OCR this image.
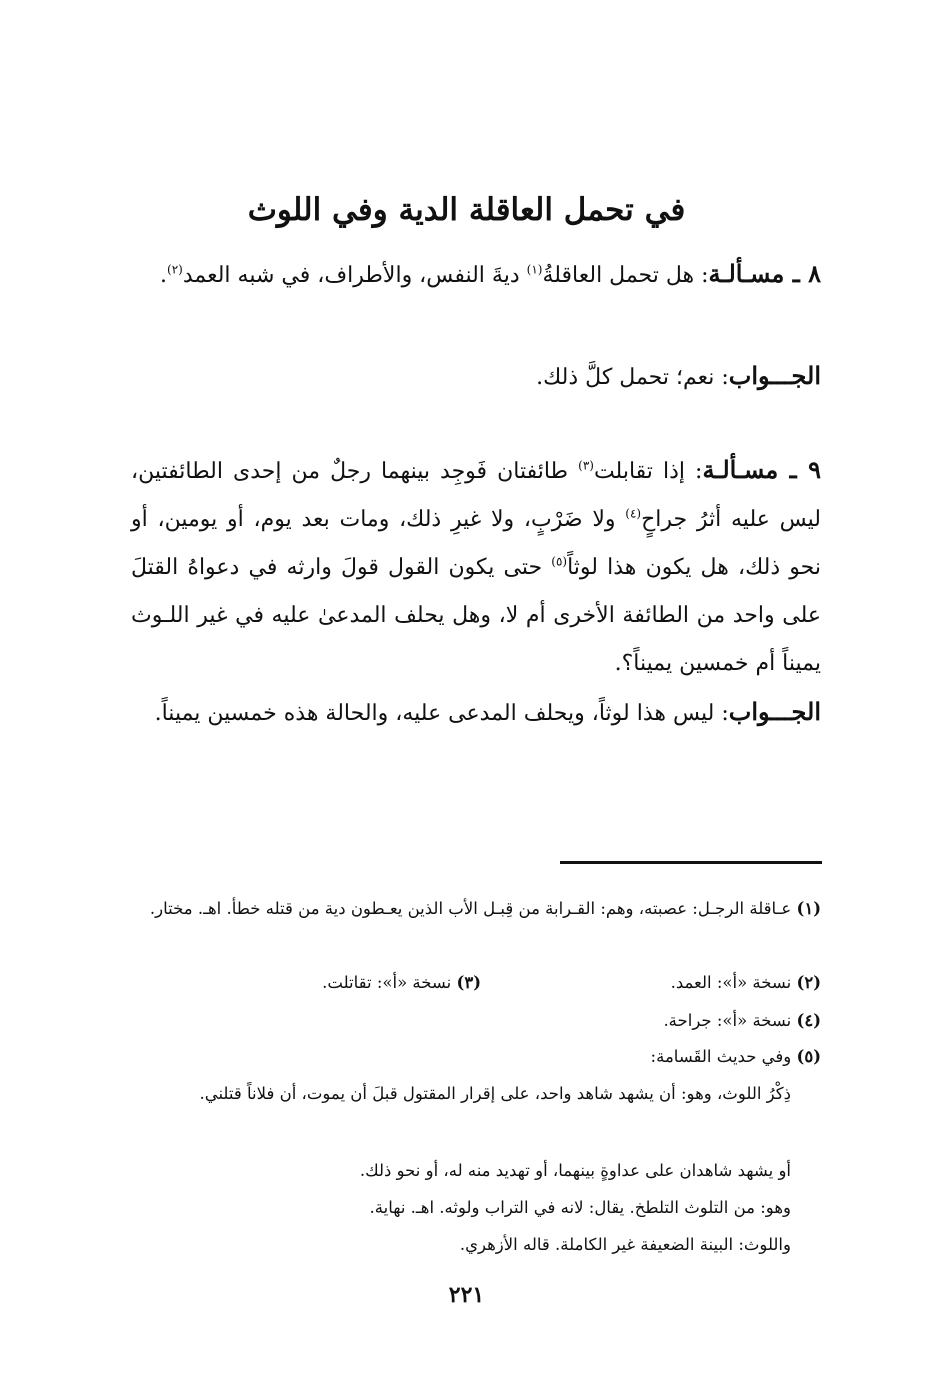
في تحمل العاقلة الدية وفي اللوث
٨ ـ مسـألـة: هل تحمل العاقلةُ$^{(١)}$ ديةَ النفس، والأطراف، في شبه العمد$^{(٢)}$.
الجـــواب: نعم؛ تحمل كلَّ ذلك.
٩ ـ مسـألـة: إذا تقابلت$^{(٣)}$ طائفتان فَوجِد بينهما رجلٌ من إحدى الطائفتين، ليس عليه أثرُ جراحٍ$^{(٤)}$ ولا ضَرْبٍ، ولا غيرِ ذلك، ومات بعد يوم، أو يومين، أو نحو ذلك، هل يكون هذا لوثاً$^{(٥)}$ حتى يكون القول قولَ وارثه في دعواهُ القتلَ على واحد من الطائفة الأخرى أم لا، وهل يحلف المدعىٰ عليه في غير اللـوث يميناً أم خمسين يميناً؟.
الجـــواب: ليس هذا لوثاً، ويحلف المدعى عليه، والحالة هذه خمسين يميناً.
(١) عـاقلة الرجـل: عصبته، وهم: القـرابة من قِبـل الأب الذين يعـطون دية من قتله خطأ. اهـ. مختار.
(٢) نسخة «أ»: العمد.
(٣) نسخة «أ»: تقاتلت.
(٤) نسخة «أ»: جراحة.
(٥) وفي حديث القَسامة:
ذِكْرُ اللوث، وهو: أن يشهد شاهد واحد، على إقرار المقتول قبلَ أن يموت، أن فلاناً قتلني.
أو يشهد شاهدان على عداوةٍ بينهما، أو تهديد منه له، أو نحو ذلك.
وهو: من التلوث التلطخ. يقال: لانه في التراب ولوثه. اهـ. نهاية.
واللوث: البينة الضعيفة غير الكاملة. قاله الأزهري.
٢٢١
